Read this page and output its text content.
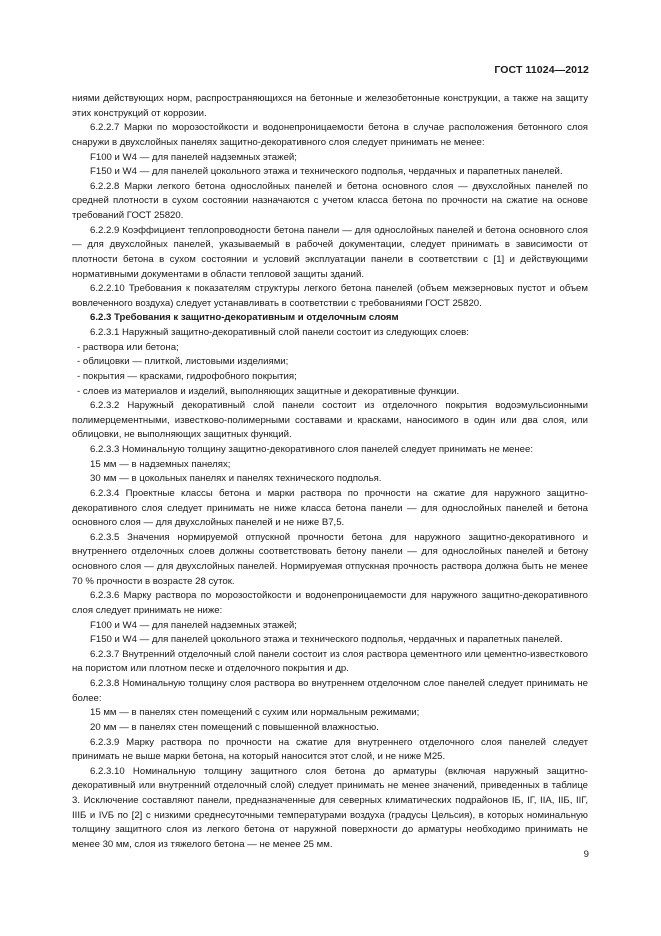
ГОСТ 11024—2012

ниями действующих норм, распространяющихся на бетонные и железобетонные конструкции, а также на защиту этих конструкций от коррозии.

6.2.2.7 Марки по морозостойкости и водонепроницаемости бетона в случае расположения бетонного слоя снаружи в двухслойных панелях защитно-декоративного слоя следует принимать не менее:

F100 и W4 — для панелей надземных этажей;

F150 и W4 — для панелей цокольного этажа и технического подполья, чердачных и парапетных панелей.

6.2.2.8 Марки легкого бетона однослойных панелей и бетона основного слоя — двухслойных панелей по средней плотности в сухом состоянии назначаются с учетом класса бетона по прочности на сжатие на основе требований ГОСТ 25820.

6.2.2.9 Коэффициент теплопроводности бетона панели — для однослойных панелей и бетона основного слоя — для двухслойных панелей, указываемый в рабочей документации, следует принимать в зависимости от плотности бетона в сухом состоянии и условий эксплуатации панели в соответствии с [1] и действующими нормативными документами в области тепловой защиты зданий.

6.2.2.10 Требования к показателям структуры легкого бетона панелей (объем межзерновых пустот и объем вовлеченного воздуха) следует устанавливать в соответствии с требованиями ГОСТ 25820.

6.2.3 Требования к защитно-декоративным и отделочным слоям

6.2.3.1 Наружный защитно-декоративный слой панели состоит из следующих слоев:

- раствора или бетона;

- облицовки — плиткой, листовыми изделиями;

- покрытия — красками, гидрофобного покрытия;

- слоев из материалов и изделий, выполняющих защитные и декоративные функции.

6.2.3.2 Наружный декоративный слой панели состоит из отделочного покрытия водоэмульсионными полимерцементными, известково-полимерными составами и красками, наносимого в один или два слоя, или облицовки, не выполняющих защитных функций.

6.2.3.3 Номинальную толщину защитно-декоративного слоя панелей следует принимать не менее:

15 мм — в надземных панелях;

30 мм — в цокольных панелях и панелях технического подполья.

6.2.3.4 Проектные классы бетона и марки раствора по прочности на сжатие для наружного защитно-декоративного слоя следует принимать не ниже класса бетона панели — для однослойных панелей и бетона основного слоя — для двухслойных панелей и не ниже В7,5.

6.2.3.5 Значения нормируемой отпускной прочности бетона для наружного защитно-декоративного и внутреннего отделочных слоев должны соответствовать бетону панели — для однослойных панелей и бетону основного слоя — для двухслойных панелей. Нормируемая отпускная прочность раствора должна быть не менее 70 % прочности в возрасте 28 суток.

6.2.3.6 Марку раствора по морозостойкости и водонепроницаемости для наружного защитно-декоративного слоя следует принимать не ниже:

F100 и W4 — для панелей надземных этажей;

F150 и W4 — для панелей цокольного этажа и технического подполья, чердачных и парапетных панелей.

6.2.3.7 Внутренний отделочный слой панели состоит из слоя раствора цементного или цементно-известкового на пористом или плотном песке и отделочного покрытия и др.

6.2.3.8 Номинальную толщину слоя раствора во внутреннем отделочном слое панелей следует принимать не более:

15 мм — в панелях стен помещений с сухим или нормальным режимами;

20 мм — в панелях стен помещений с повышенной влажностью.

6.2.3.9 Марку раствора по прочности на сжатие для внутреннего отделочного слоя панелей следует принимать не выше марки бетона, на который наносится этот слой, и не ниже М25.

6.2.3.10 Номинальную толщину защитного слоя бетона до арматуры (включая наружный защитно-декоративный или внутренний отделочный слой) следует принимать не менее значений, приведенных в таблице 3. Исключение составляют панели, предназначенные для северных климатических подрайонов IБ, IГ, IIА, IIБ, IIГ, IIIБ и IVБ по [2] с низкими среднесуточными температурами воздуха (градусы Цельсия), в которых номинальную толщину защитного слоя из легкого бетона от наружной поверхности до арматуры необходимо принимать не менее 30 мм, слоя из тяжелого бетона — не менее 25 мм.

9
